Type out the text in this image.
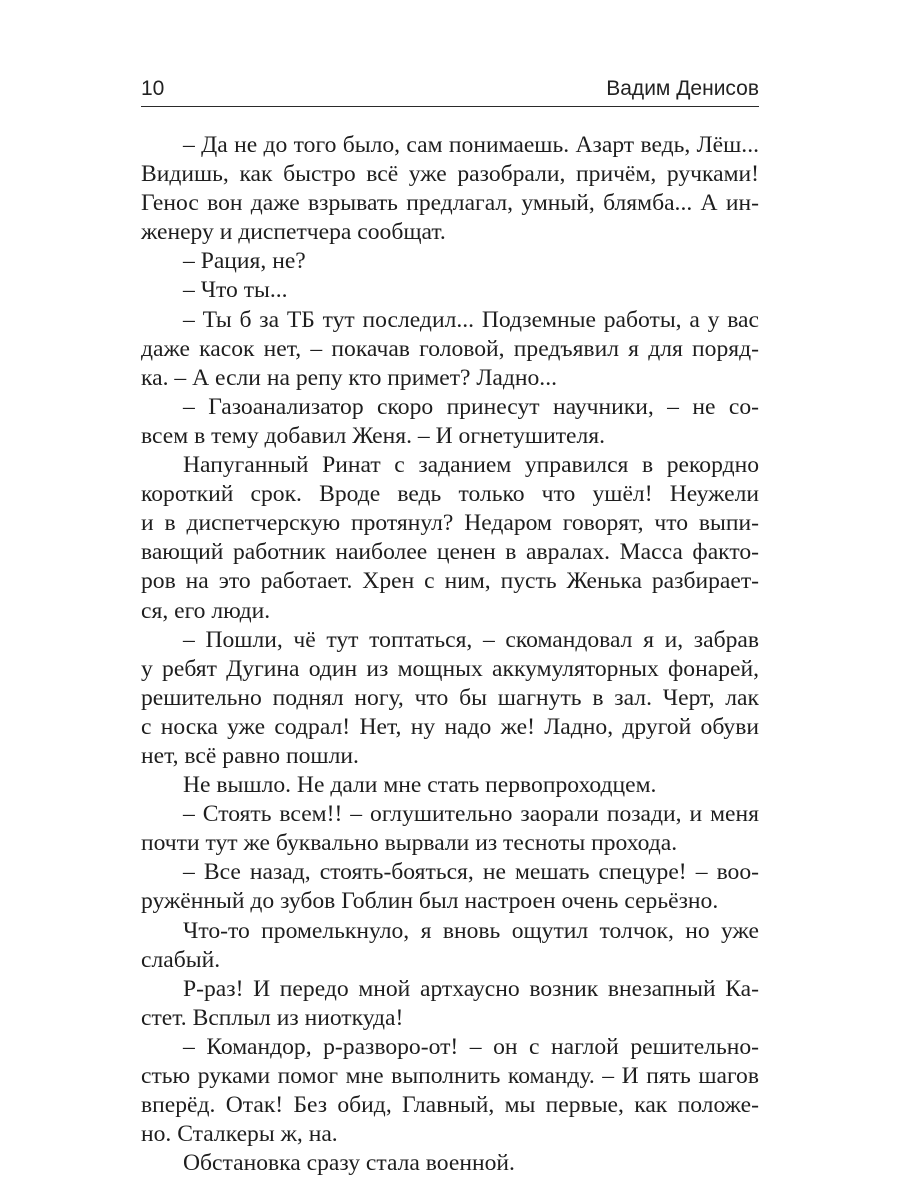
10	Вадим Денисов
– Да не до того было, сам понимаешь. Азарт ведь, Лёш...
Видишь, как быстро всё уже разобрали, причём, ручками!
Генос вон даже взрывать предлагал, умный, блямба... А ин-
женеру и диспетчера сообщат.
– Рация, не?
– Что ты...
– Ты б за ТБ тут последил... Подземные работы, а у вас
даже касок нет, – покачав головой, предъявил я для поряд-
ка. – А если на репу кто примет? Ладно...
– Газоанализатор скоро принесут научники, – не со-
всем в тему добавил Женя. – И огнетушителя.
Напуганный Ринат с заданием управился в рекордно
короткий срок. Вроде ведь только что ушёл! Неужели
и в диспетчерскую протянул? Недаром говорят, что выпи-
вающий работник наиболее ценен в авралах. Масса факто-
ров на это работает. Хрен с ним, пусть Женька разбирает-
ся, его люди.
– Пошли, чё тут топтаться, – скомандовал я и, забрав
у ребят Дугина один из мощных аккумуляторных фонарей,
решительно поднял ногу, что бы шагнуть в зал. Черт, лак
с носка уже содрал! Нет, ну надо же! Ладно, другой обуви
нет, всё равно пошли.
Не вышло. Не дали мне стать первопроходцем.
– Стоять всем!! – оглушительно заорали позади, и меня
почти тут же буквально вырвали из тесноты прохода.
– Все назад, стоять-бояться, не мешать спецуре! – воо-
ружённый до зубов Гоблин был настроен очень серьёзно.
Что-то промелькнуло, я вновь ощутил толчок, но уже
слабый.
Р-раз! И передо мной артхаусно возник внезапный Ка-
стет. Всплыл из ниоткуда!
– Командор, р-разворо-от! – он с наглой решительно-
стью руками помог мне выполнить команду. – И пять шагов
вперёд. Отак! Без обид, Главный, мы первые, как положе-
но. Сталкеры ж, на.
Обстановка сразу стала военной.
